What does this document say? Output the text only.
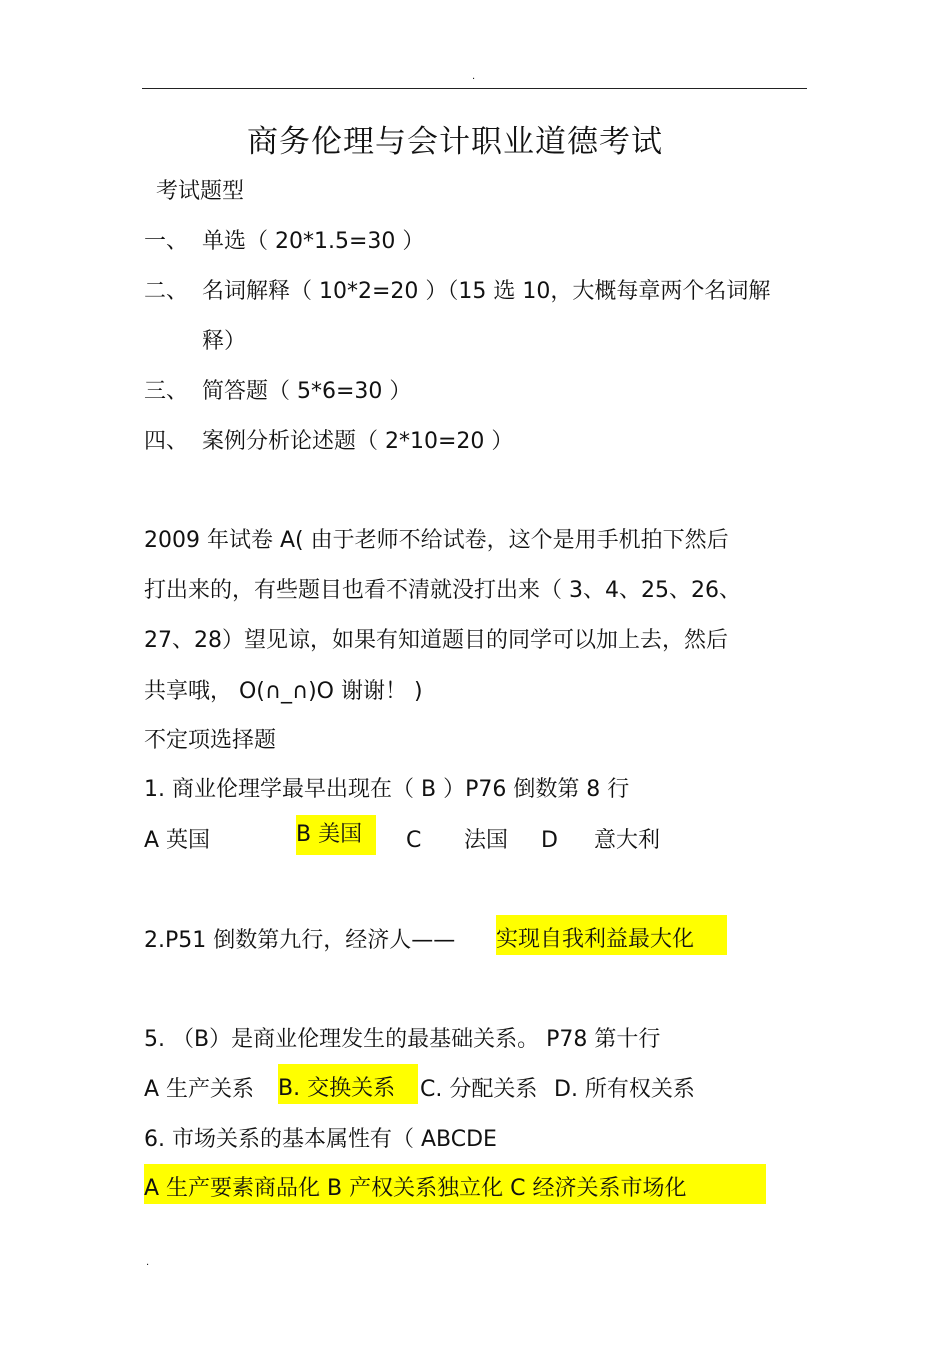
.
商务伦理与会计职业道德考试
考试题型
一、 单选（ 20*1.5=30 ）
二、 名词解释（ 10*2=20 ）（15 选 10，大概每章两个名词解
释）
三、 简答题（ 5*6=30 ）
四、 案例分析论述题（ 2*10=20 ）
2009 年试卷 A( 由于老师不给试卷，这个是用手机拍下然后
打出来的，有些题目也看不清就没打出来（ 3、4、25、26、
27、28）望见谅，如果有知道题目的同学可以加上去，然后
共享哦， O(∩_∩)O 谢谢！ )
不定项选择题
1. 商业伦理学最早出现在（ B ）P76 倒数第 8 行
A 英国	B 美国	C 法国 D 意大利
2.P51 倒数第九行，经济人—— 实现自我利益最大化
5. （B）是商业伦理发生的最基础关系。 P78 第十行
A 生产关系 B. 交换关系	C. 分配关系 D. 所有权关系
6. 市场关系的基本属性有（ ABCDE
A 生产要素商品化 B 产权关系独立化 C 经济关系市场化
.
